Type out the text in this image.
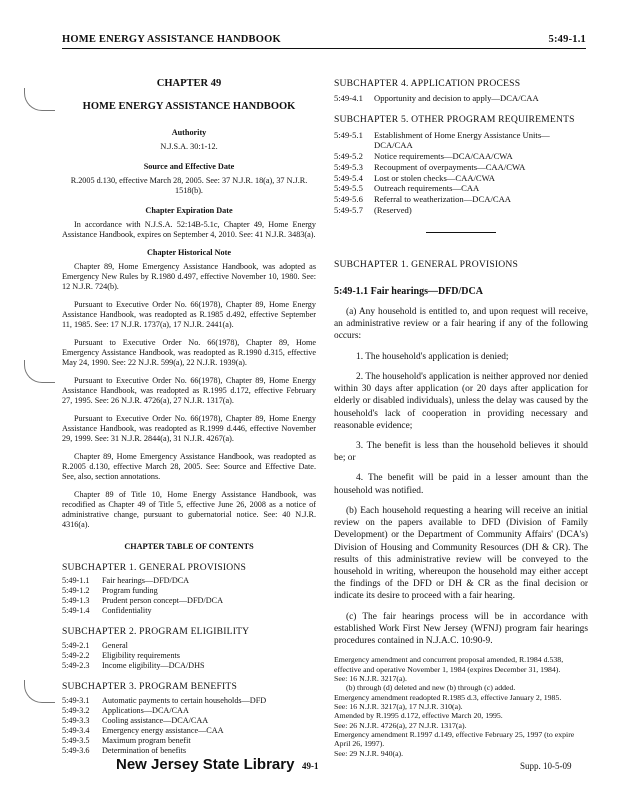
HOME ENERGY ASSISTANCE HANDBOOK	5:49-1.1
CHAPTER 49
HOME ENERGY ASSISTANCE HANDBOOK
Authority
N.J.S.A. 30:1-12.
Source and Effective Date
R.2005 d.130, effective March 28, 2005. See: 37 N.J.R. 18(a), 37 N.J.R. 1518(b).
Chapter Expiration Date
In accordance with N.J.S.A. 52:14B-5.1c, Chapter 49, Home Energy Assistance Handbook, expires on September 4, 2010. See: 41 N.J.R. 3483(a).
Chapter Historical Note
Chapter 89, Home Emergency Assistance Handbook, was adopted as Emergency New Rules by R.1980 d.497, effective November 10, 1980. See: 12 N.J.R. 724(b).
Pursuant to Executive Order No. 66(1978), Chapter 89, Home Energy Assistance Handbook, was readopted as R.1985 d.492, effective September 11, 1985. See: 17 N.J.R. 1737(a), 17 N.J.R. 2441(a).
Pursuant to Executive Order No. 66(1978), Chapter 89, Home Emergency Assistance Handbook, was readopted as R.1990 d.315, effective May 24, 1990. See: 22 N.J.R. 599(a), 22 N.J.R. 1939(a).
Pursuant to Executive Order No. 66(1978), Chapter 89, Home Energy Assistance Handbook, was readopted as R.1995 d.172, effective February 27, 1995. See: 26 N.J.R. 4726(a), 27 N.J.R. 1317(a).
Pursuant to Executive Order No. 66(1978), Chapter 89, Home Energy Assistance Handbook, was readopted as R.1999 d.446, effective November 29, 1999. See: 31 N.J.R. 2844(a), 31 N.J.R. 4267(a).
Chapter 89, Home Emergency Assistance Handbook, was readopted as R.2005 d.130, effective March 28, 2005. See: Source and Effective Date. See, also, section annotations.
Chapter 89 of Title 10, Home Energy Assistance Handbook, was recodified as Chapter 49 of Title 5, effective June 26, 2008 as a notice of administrative change, pursuant to gubernatorial notice. See: 40 N.J.R. 4316(a).
CHAPTER TABLE OF CONTENTS
SUBCHAPTER 1. GENERAL PROVISIONS
5:49-1.1	Fair hearings—DFD/DCA
5:49-1.2	Program funding
5:49-1.3	Prudent person concept—DFD/DCA
5:49-1.4	Confidentiality
SUBCHAPTER 2. PROGRAM ELIGIBILITY
5:49-2.1	General
5:49-2.2	Eligibility requirements
5:49-2.3	Income eligibility—DCA/DHS
SUBCHAPTER 3. PROGRAM BENEFITS
5:49-3.1	Automatic payments to certain households—DFD
5:49-3.2	Applications—DCA/CAA
5:49-3.3	Cooling assistance—DCA/CAA
5:49-3.4	Emergency energy assistance—CAA
5:49-3.5	Maximum program benefit
5:49-3.6	Determination of benefits
SUBCHAPTER 4. APPLICATION PROCESS
5:49-4.1	Opportunity and decision to apply—DCA/CAA
SUBCHAPTER 5. OTHER PROGRAM REQUIREMENTS
5:49-5.1	Establishment of Home Energy Assistance Units—DCA/CAA
5:49-5.2	Notice requirements—DCA/CAA/CWA
5:49-5.3	Recoupment of overpayments—CAA/CWA
5:49-5.4	Lost or stolen checks—CAA/CWA
5:49-5.5	Outreach requirements—CAA
5:49-5.6	Referral to weatherization—DCA/CAA
5:49-5.7	(Reserved)
SUBCHAPTER 1. GENERAL PROVISIONS
5:49-1.1 Fair hearings—DFD/DCA
(a) Any household is entitled to, and upon request will receive, an administrative review or a fair hearing if any of the following occurs:
1. The household's application is denied;
2. The household's application is neither approved nor denied within 30 days after application (or 20 days after application for elderly or disabled individuals), unless the delay was caused by the household's lack of cooperation in providing necessary and reasonable evidence;
3. The benefit is less than the household believes it should be; or
4. The benefit will be paid in a lesser amount than the household was notified.
(b) Each household requesting a hearing will receive an initial review on the papers available to DFD (Division of Family Development) or the Department of Community Affairs' (DCA's) Division of Housing and Community Resources (DH & CR). The results of this administrative review will be conveyed to the household in writing, whereupon the household may either accept the findings of the DFD or DH & CR as the final decision or indicate its desire to proceed with a fair hearing.
(c) The fair hearings process will be in accordance with established Work First New Jersey (WFNJ) program fair hearings procedures contained in N.J.A.C. 10:90-9.
Emergency amendment and concurrent proposal amended, R.1984 d.538, effective and operative November 1, 1984 (expires December 31, 1984).
See: 16 N.J.R. 3217(a).
(b) through (d) deleted and new (b) through (c) added.
Emergency amendment readopted R.1985 d.3, effective January 2, 1985.
See: 16 N.J.R. 3217(a), 17 N.J.R. 310(a).
Amended by R.1995 d.172, effective March 20, 1995.
See: 26 N.J.R. 4726(a), 27 N.J.R. 1317(a).
Emergency amendment R.1997 d.149, effective February 25, 1997 (to expire April 26, 1997).
See: 29 N.J.R. 940(a).
New Jersey State Library 49-1	Supp. 10-5-09
